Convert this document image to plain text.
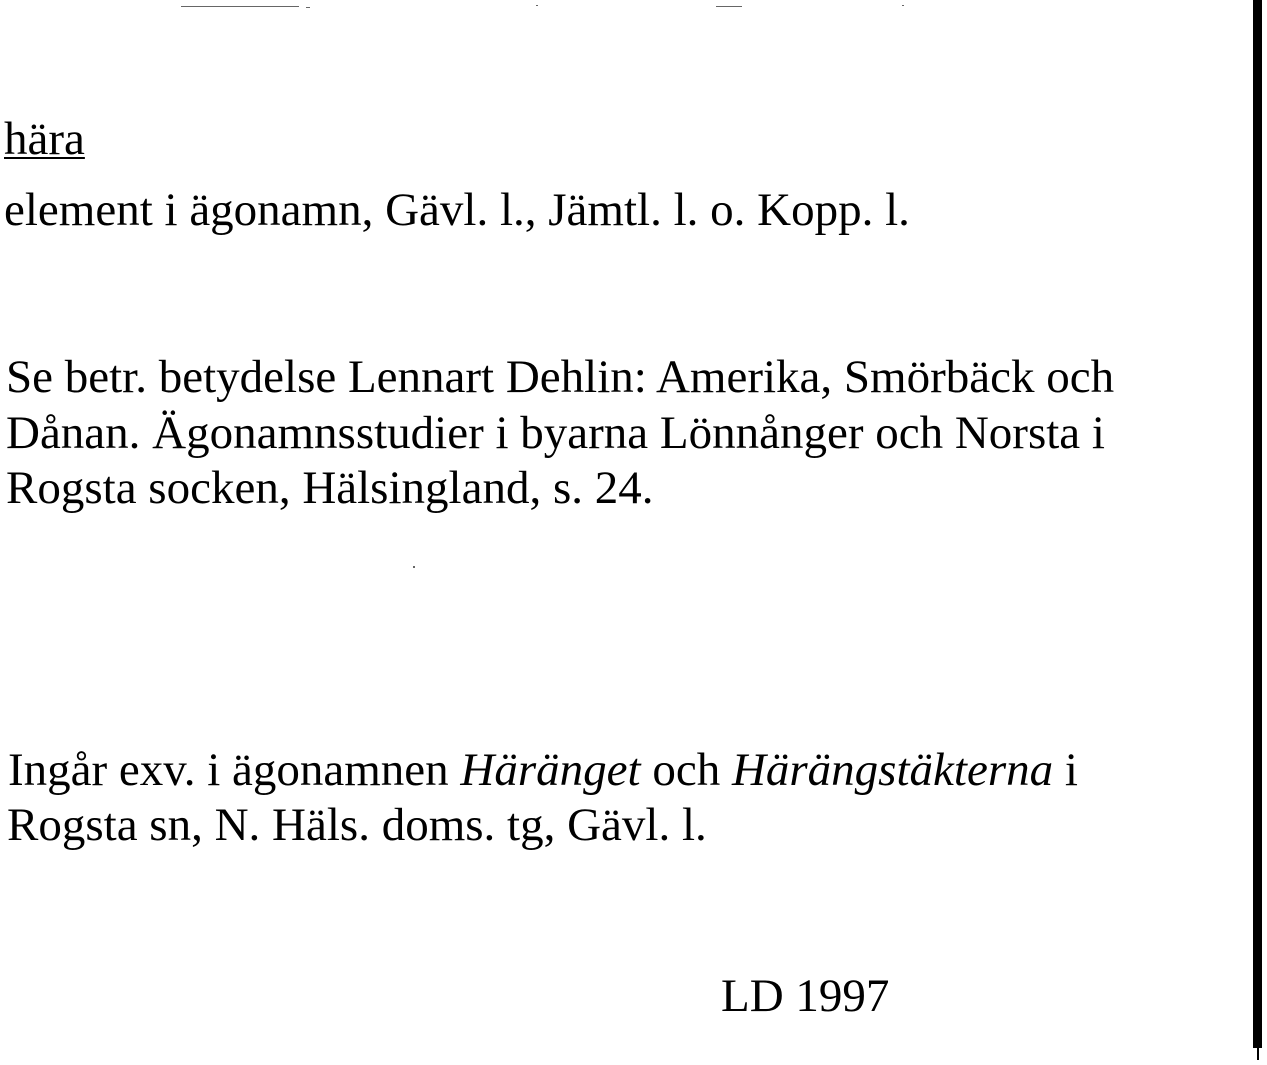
hära
element i ägonamn, Gävl. l., Jämtl. l. o. Kopp. l.
Se betr. betydelse Lennart Dehlin: Amerika, Smörbäck och
Dånan. Ägonamnsstudier i byarna Lönnånger och Norsta i
Rogsta socken, Hälsingland, s. 24.
Ingår exv. i ägonamnen Häränget och Härängstäkterna i
Rogsta sn, N. Häls. doms. tg, Gävl. l.
LD 1997
